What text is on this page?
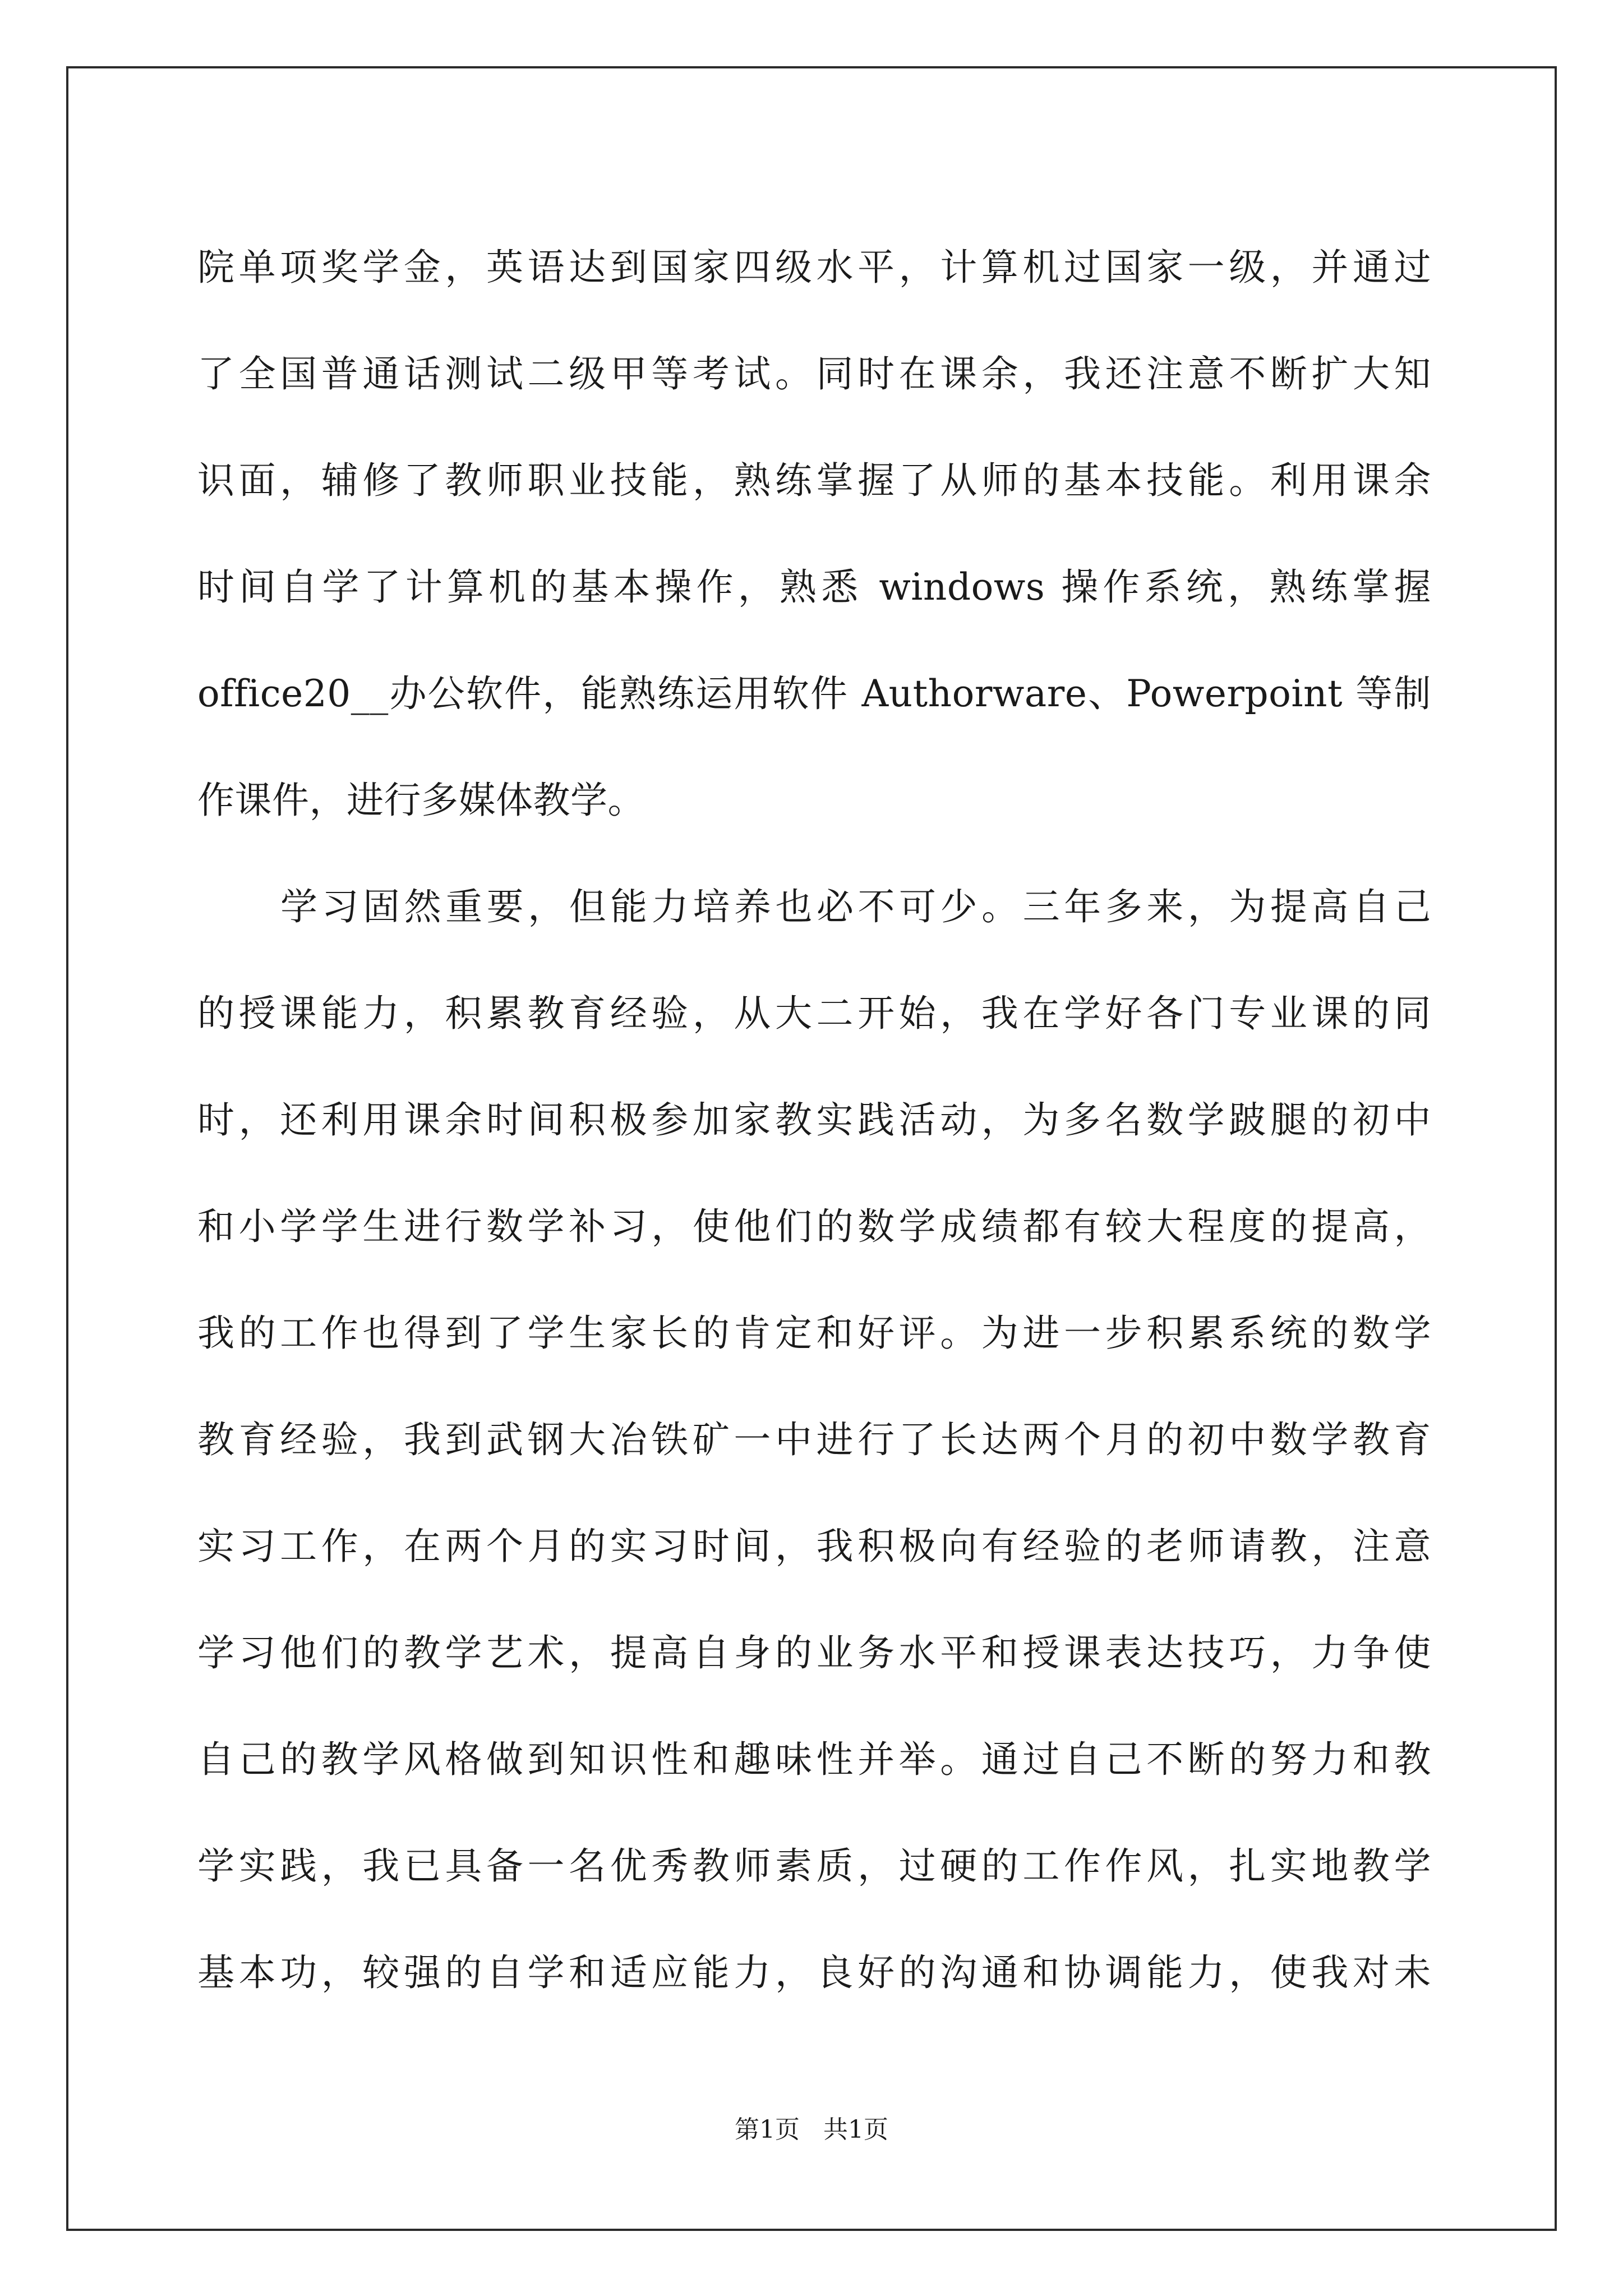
院单项奖学金，英语达到国家四级水平，计算机过国家一级，并通过
了全国普通话测试二级甲等考试。同时在课余，我还注意不断扩大知
识面，辅修了教师职业技能，熟练掌握了从师的基本技能。利用课余
时间自学了计算机的基本操作，熟悉 windows 操作系统，熟练掌握
office20__办公软件，能熟练运用软件 Authorware、Powerpoint 等制
作课件，进行多媒体教学。
学习固然重要，但能力培养也必不可少。三年多来，为提高自己
的授课能力，积累教育经验，从大二开始，我在学好各门专业课的同
时，还利用课余时间积极参加家教实践活动，为多名数学跛腿的初中
和小学学生进行数学补习，使他们的数学成绩都有较大程度的提高，
我的工作也得到了学生家长的肯定和好评。为进一步积累系统的数学
教育经验，我到武钢大冶铁矿一中进行了长达两个月的初中数学教育
实习工作，在两个月的实习时间，我积极向有经验的老师请教，注意
学习他们的教学艺术，提高自身的业务水平和授课表达技巧，力争使
自己的教学风格做到知识性和趣味性并举。通过自己不断的努力和教
学实践，我已具备一名优秀教师素质，过硬的工作作风，扎实地教学
基本功，较强的自学和适应能力，良好的沟通和协调能力，使我对未
第1页 共1页
